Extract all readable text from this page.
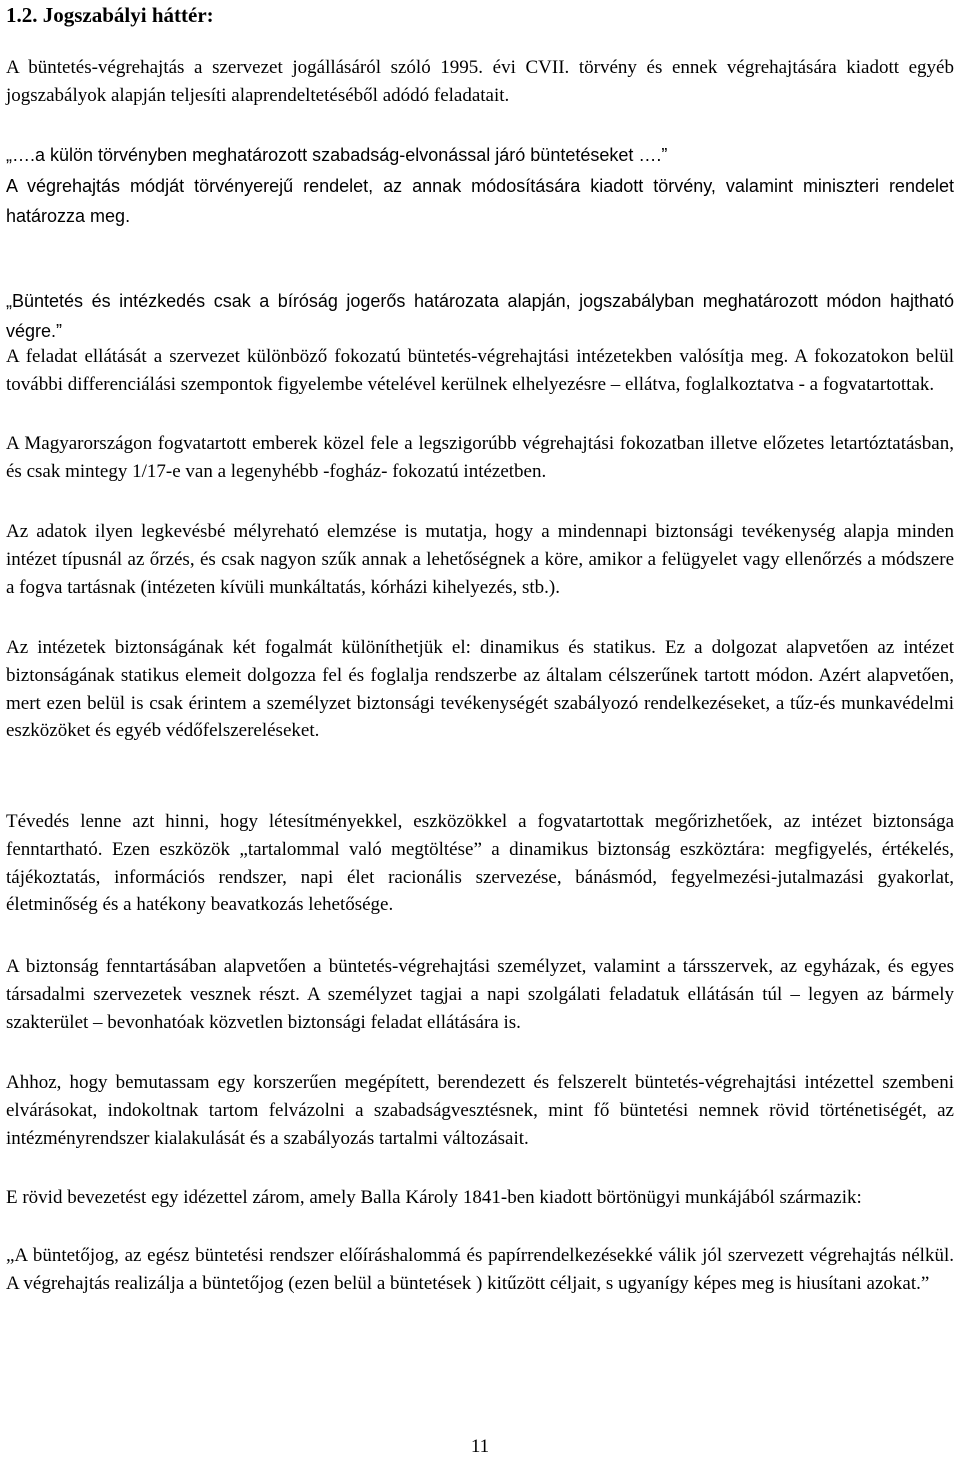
1.2. Jogszabályi háttér:

A büntetés-végrehajtás a szervezet jogállásáról szóló 1995. évi CVII. törvény és ennek végrehajtására kiadott egyéb jogszabályok alapján teljesíti alaprendeltetéséből adódó feladatait.

„….a külön törvényben meghatározott szabadság-elvonással járó büntetéseket ….”

A végrehajtás módját törvényerejű rendelet, az annak módosítására kiadott törvény, valamint miniszteri rendelet határozza meg.

„Büntetés és intézkedés csak a bíróság jogerős határozata alapján, jogszabályban meghatározott módon hajtható végre.”

A feladat ellátását a szervezet különböző fokozatú büntetés-végrehajtási intézetekben valósítja meg. A fokozatokon belül további differenciálási szempontok figyelembe vételével kerülnek elhelyezésre – ellátva, foglalkoztatva - a fogvatartottak.

A Magyarországon fogvatartott emberek közel fele a legszigorúbb végrehajtási fokozatban illetve előzetes letartóztatásban, és csak mintegy 1/17-e van a legenyhébb -fogház- fokozatú intézetben.

Az adatok ilyen legkevésbé mélyreható elemzése is mutatja, hogy a mindennapi biztonsági tevékenység alapja minden intézet típusnál az őrzés, és csak nagyon szűk annak a lehetőségnek a köre, amikor a felügyelet vagy ellenőrzés a módszere a fogva tartásnak (intézeten kívüli munkáltatás, kórházi kihelyezés, stb.).

Az intézetek biztonságának két fogalmát különíthetjük el: dinamikus és statikus. Ez a dolgozat alapvetően az intézet biztonságának statikus elemeit dolgozza fel és foglalja rendszerbe az általam célszerűnek tartott módon. Azért alapvetően, mert ezen belül is csak érintem a személyzet biztonsági tevékenységét szabályozó rendelkezéseket, a tűz-és munkavédelmi eszközöket és egyéb védőfelszereléseket.

Tévedés lenne azt hinni, hogy létesítményekkel, eszközökkel a fogvatartottak megőrizhetőek, az intézet biztonsága fenntartható. Ezen eszközök „tartalommal való megtöltése” a dinamikus biztonság eszköztára: megfigyelés, értékelés, tájékoztatás, információs rendszer, napi élet racionális szervezése, bánásmód, fegyelmezési-jutalmazási gyakorlat, életminőség és a hatékony beavatkozás lehetősége.

A biztonság fenntartásában alapvetően a büntetés-végrehajtási személyzet, valamint a társszervek, az egyházak, és egyes társadalmi szervezetek vesznek részt. A személyzet tagjai a napi szolgálati feladatuk ellátásán túl – legyen az bármely szakterület – bevonhatóak közvetlen biztonsági feladat ellátására is.

Ahhoz, hogy bemutassam egy korszerűen megépített, berendezett és felszerelt büntetés-végrehajtási intézettel szembeni elvárásokat, indokoltnak tartom felvázolni a szabadságvesztésnek, mint fő büntetési nemnek rövid történetiségét, az intézményrendszer kialakulását és a szabályozás tartalmi változásait.

E rövid bevezetést egy idézettel zárom, amely Balla Károly 1841-ben kiadott börtönügyi munkájából származik:

„A büntetőjog, az egész büntetési rendszer előíráshalommá és papírrendelkezésekké válik jól szervezett végrehajtás nélkül. A végrehajtás realizálja a büntetőjog (ezen belül a büntetések ) kitűzött céljait, s ugyanígy képes meg is hiusítani azokat.”

11
